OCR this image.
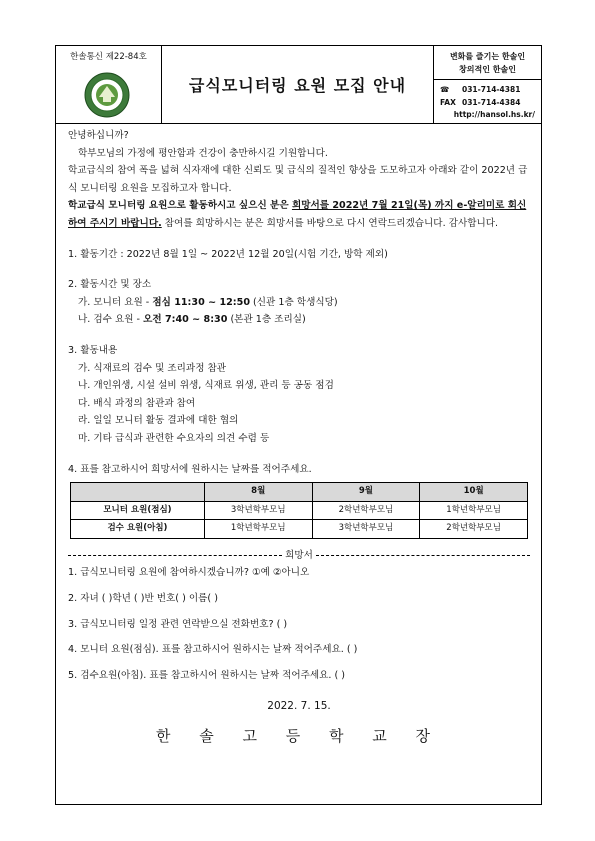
한솔통신 제22-84호
급식모니터링 요원 모집 안내
변화를 즐기는 한솔인
창의적인 한솔인
☎	031-714-4381
FAX 031-714-4384
http://hansol.hs.kr/

안녕하십니까?

학부모님의 가정에 평안함과 건강이 충만하시길 기원합니다.

학교급식의 참여 폭을 넓혀 식자재에 대한 신뢰도 및 급식의 질적인 향상을 도모하고자 아래와 같이 2022년 급식 모니터링 요원을 모집하고자 합니다.

학교급식 모니터링 요원으로 활동하시고 싶으신 분은 희망서를 2022년 7월 21일(목) 까지 e-알리미로 회신하여 주시기 바랍니다. 참여를 희망하시는 분은 희망서를 바탕으로 다시 연락드리겠습니다. 감사합니다.

1. 활동기간 : 2022년 8월 1일 ~ 2022년 12월 20일(시험 기간, 방학 제외)

2. 활동시간 및 장소

가. 모니터 요원 - 점심 11:30 ~ 12:50 (신관 1층 학생식당)

나. 검수 요원 - 오전 7:40 ~ 8:30 (본관 1층 조리실)

3. 활동내용

가. 식재료의 검수 및 조리과정 참관

나. 개인위생, 시설 설비 위생, 식재료 위생, 관리 등 공동 점검

다. 배식 과정의 참관과 참여

라. 일일 모니터 활동 결과에 대한 협의

마. 기타 급식과 관련한 수요자의 의견 수렴 등

4. 표를 참고하시어 희망서에 원하시는 날짜를 적어주세요.

	8월	9월	10월
모니터 요원(점심)	3학년학부모님	2학년학부모님	1학년학부모님
검수 요원(아침)	1학년학부모님	3학년학부모님	2학년학부모님
희망서

1. 급식모니터링 요원에 참여하시겠습니까? ①예 ②아니오

2. 자녀 ( )학년 ( )반 번호( ) 이름( )

3. 급식모니터링 일정 관련 연락받으실 전화번호? ( )

4. 모니터 요원(점심). 표를 참고하시어 원하시는 날짜 적어주세요. ( )

5. 검수요원(아침). 표를 참고하시어 원하시는 날짜 적어주세요. ( )

2022. 7. 15.
한 솔 고 등 학 교 장
